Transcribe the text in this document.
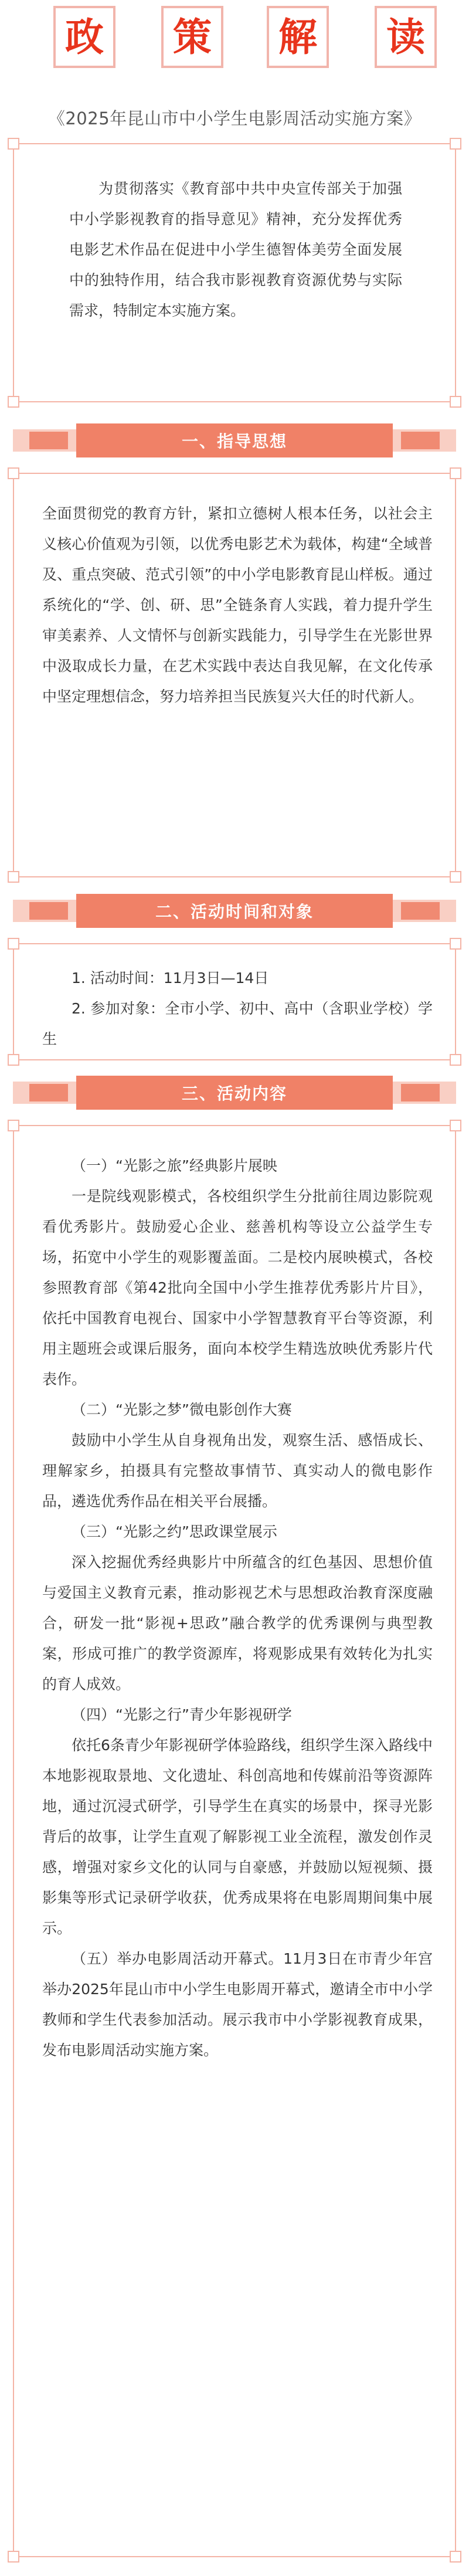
政	策	解	读
《2025年昆山市中小学生电影周活动实施方案》

为贯彻落实《教育部中共中央宣传部关于加强中小学影视教育的指导意见》精神，充分发挥优秀电影艺术作品在促进中小学生德智体美劳全面发展中的独特作用，结合我市影视教育资源优势与实际需求，特制定本实施方案。

一、指导思想

全面贯彻党的教育方针，紧扣立德树人根本任务，以社会主义核心价值观为引领，以优秀电影艺术为载体，构建“全域普及、重点突破、范式引领”的中小学电影教育昆山样板。通过系统化的“学、创、研、思”全链条育人实践，着力提升学生审美素养、人文情怀与创新实践能力，引导学生在光影世界中汲取成长力量，在艺术实践中表达自我见解，在文化传承中坚定理想信念，努力培养担当民族复兴大任的时代新人。

二、活动时间和对象

1. 活动时间：11月3日—14日

2. 参加对象：全市小学、初中、高中（含职业学校）学生

三、活动内容

（一）“光影之旅”经典影片展映

一是院线观影模式，各校组织学生分批前往周边影院观看优秀影片。鼓励爱心企业、慈善机构等设立公益学生专场，拓宽中小学生的观影覆盖面。二是校内展映模式，各校参照教育部《第42批向全国中小学生推荐优秀影片片目》，依托中国教育电视台、国家中小学智慧教育平台等资源，利用主题班会或课后服务，面向本校学生精选放映优秀影片代表作。

（二）“光影之梦”微电影创作大赛

鼓励中小学生从自身视角出发，观察生活、感悟成长、理解家乡，拍摄具有完整故事情节、真实动人的微电影作品，遴选优秀作品在相关平台展播。

（三）“光影之约”思政课堂展示

深入挖掘优秀经典影片中所蕴含的红色基因、思想价值与爱国主义教育元素，推动影视艺术与思想政治教育深度融合，研发一批“影视+思政”融合教学的优秀课例与典型教案，形成可推广的教学资源库，将观影成果有效转化为扎实的育人成效。

（四）“光影之行”青少年影视研学

依托6条青少年影视研学体验路线，组织学生深入路线中本地影视取景地、文化遗址、科创高地和传媒前沿等资源阵地，通过沉浸式研学，引导学生在真实的场景中，探寻光影背后的故事，让学生直观了解影视工业全流程，激发创作灵感，增强对家乡文化的认同与自豪感，并鼓励以短视频、摄影集等形式记录研学收获，优秀成果将在电影周期间集中展示。

（五）举办电影周活动开幕式。11月3日在市青少年宫举办2025年昆山市中小学生电影周开幕式，邀请全市中小学教师和学生代表参加活动。展示我市中小学影视教育成果，发布电影周活动实施方案。
